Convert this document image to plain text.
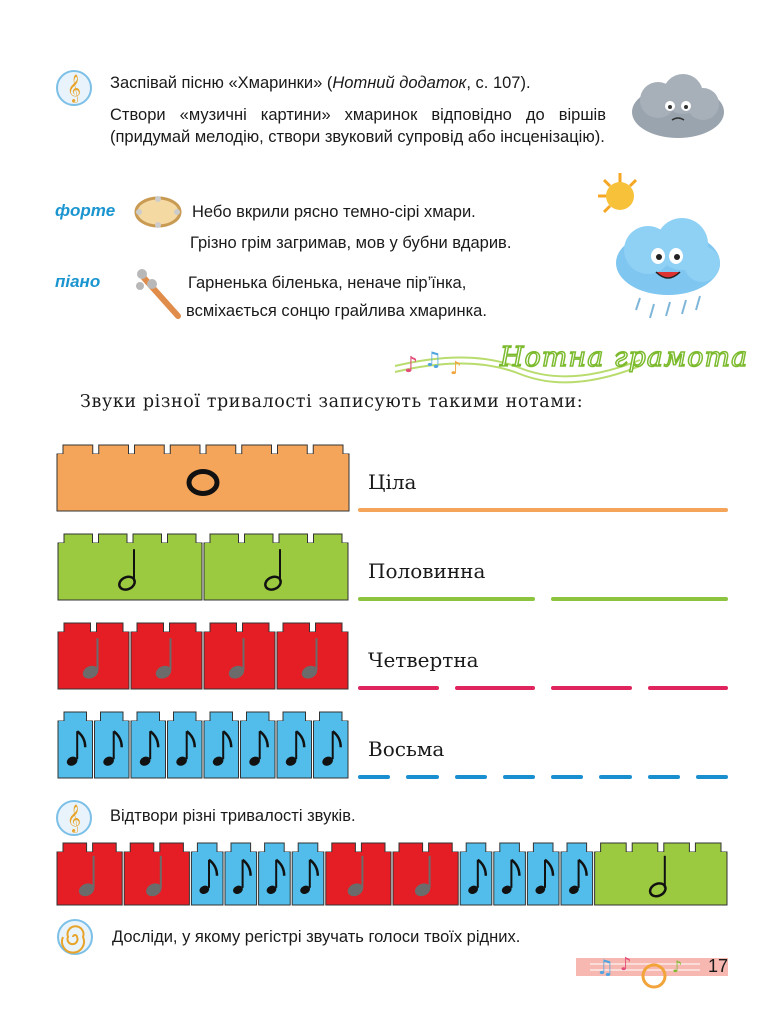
𝄞	Заспівай пісню «Хмаринки» (Нотний додаток, с. 107).
Створи «музичні картини» хмаринок відповідно до віршів (придумай мелодію, створи звуковий супровід або інсценізацію).
форте	Небо вкрили рясно темно-сірі хмари.
Грізно грім загримав, мов у бубни вдарив.
піано	Гарненька біленька, неначе пір’їнка,
всміхається сонцю грайлива хмаринка.
♪ ♫ ♪ Нотна грамота
Звуки різної тривалості записують такими нотами:
Ціла
Половинна
Четвертна
Восьма
𝄞	Відтвори різні тривалості звуків.
Досліди, у якому регістрі звучать голоси твоїх рідних.
♫ ♪	♪ 17
